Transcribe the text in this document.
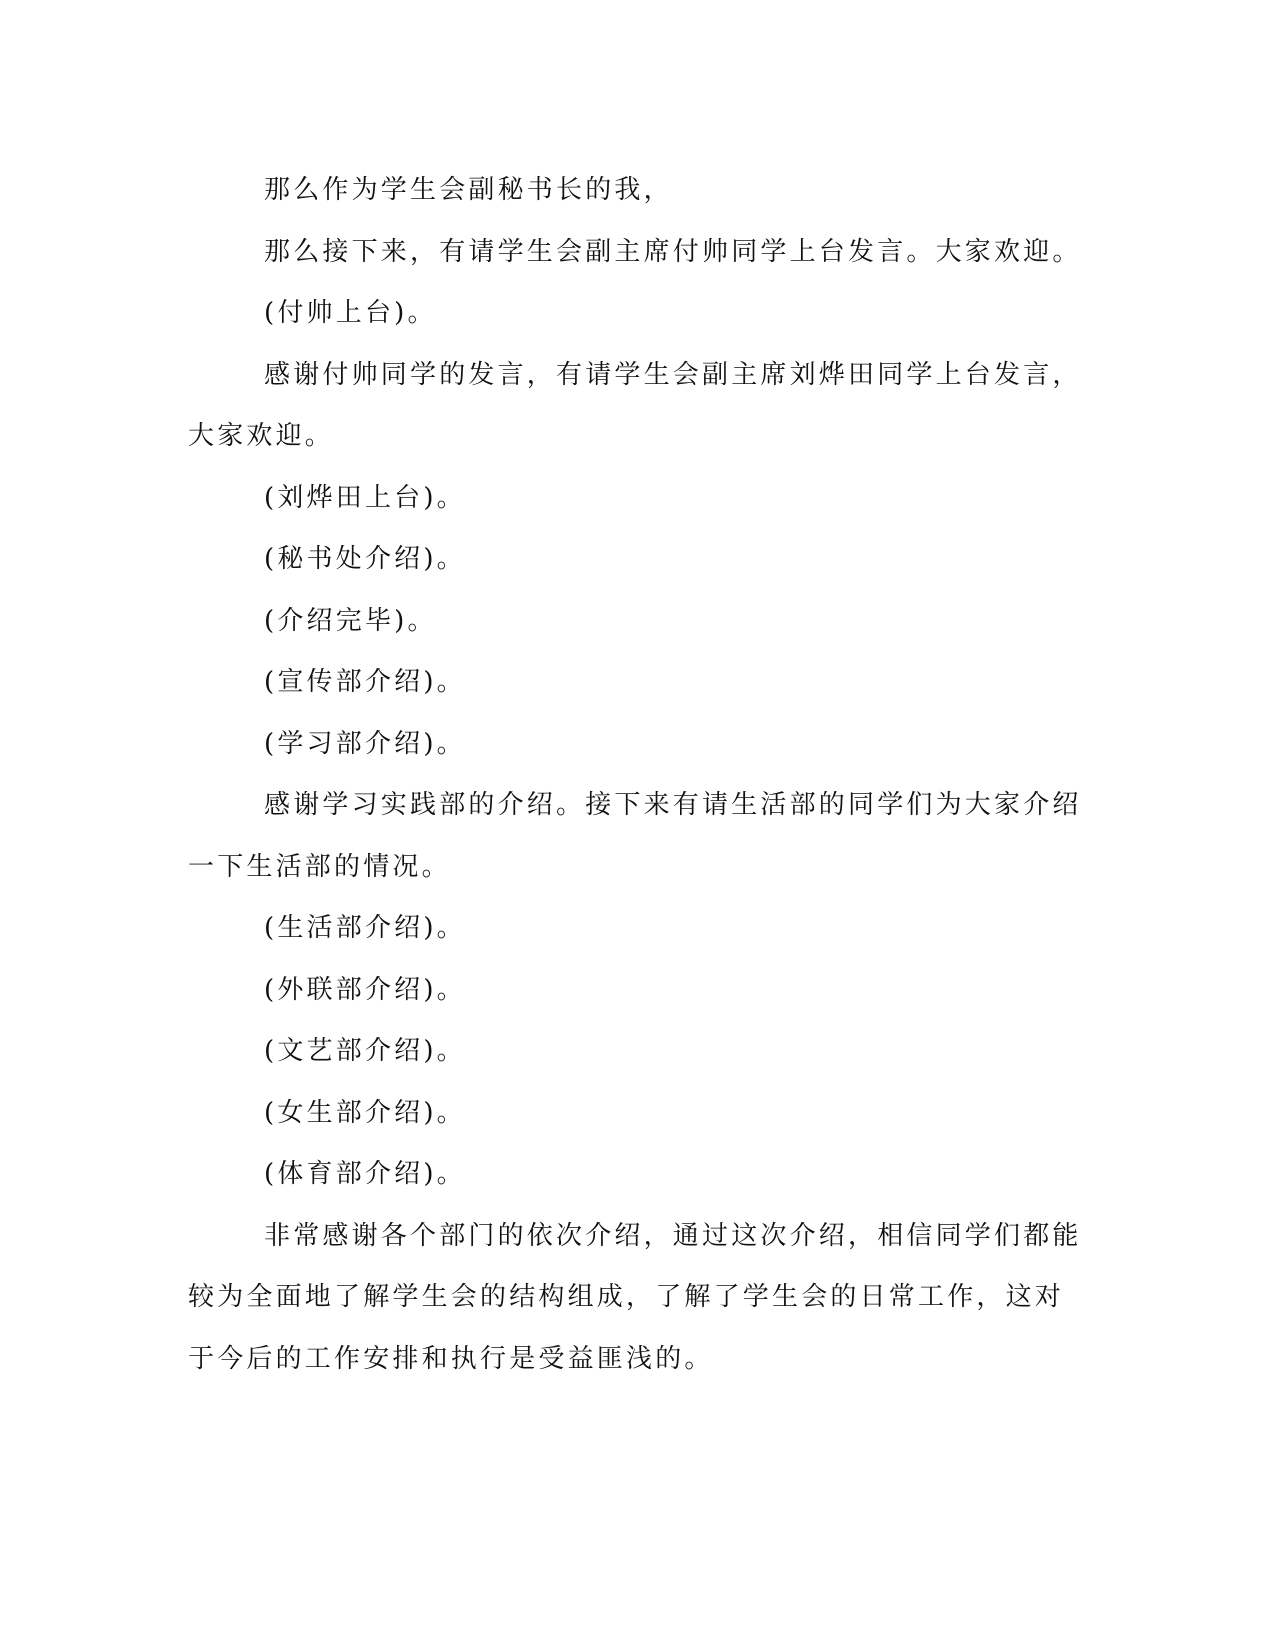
那么作为学生会副秘书长的我，

那么接下来，有请学生会副主席付帅同学上台发言。大家欢迎。

(付帅上台)。

感谢付帅同学的发言，有请学生会副主席刘烨田同学上台发言，大家欢迎。

(刘烨田上台)。

(秘书处介绍)。

(介绍完毕)。

(宣传部介绍)。

(学习部介绍)。

感谢学习实践部的介绍。接下来有请生活部的同学们为大家介绍一下生活部的情况。

(生活部介绍)。

(外联部介绍)。

(文艺部介绍)。

(女生部介绍)。

(体育部介绍)。

非常感谢各个部门的依次介绍，通过这次介绍，相信同学们都能较为全面地了解学生会的结构组成，了解了学生会的日常工作，这对于今后的工作安排和执行是受益匪浅的。
